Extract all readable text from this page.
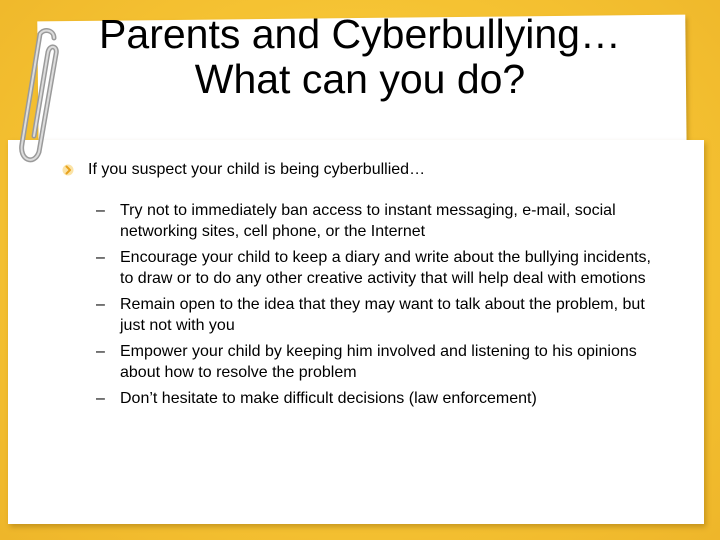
Parents and Cyberbullying…What can you do?
If you suspect your child is being cyberbullied…
– Try not to immediately ban access to instant messaging, e-mail, social networking sites, cell phone, or the Internet
– Encourage your child to keep a diary and write about the bullying incidents, to draw or to do any other creative activity that will help deal with emotions
– Remain open to the idea that they may want to talk about the problem, but just not with you
– Empower your child by keeping him involved and listening to his opinions about how to resolve the problem
– Don’t hesitate to make difficult decisions (law enforcement)
